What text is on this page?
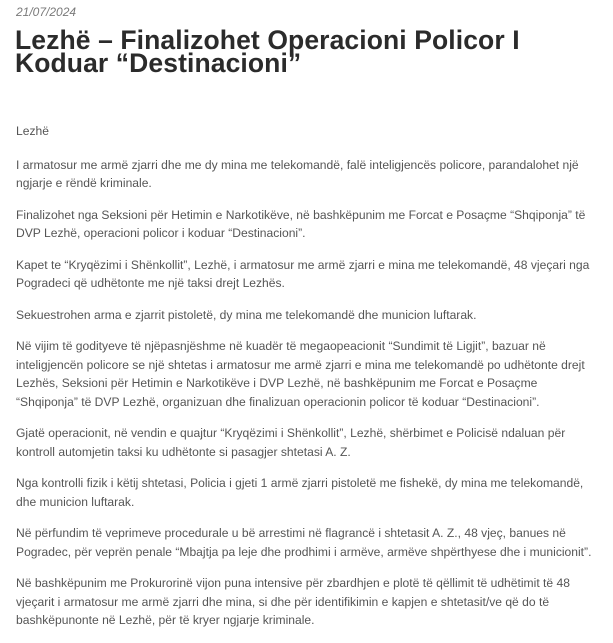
21/07/2024
Lezhë – Finalizohet Operacioni Policor I Koduar “Destinacioni”

Lezhë

I armatosur me armë zjarri dhe me dy mina me telekomandë, falë inteligjencës policore, parandalohet një ngjarje e rëndë kriminale.

Finalizohet nga Seksioni për Hetimin e Narkotikëve, në bashkëpunim me Forcat e Posaçme “Shqiponja” të DVP Lezhë, operacioni policor i koduar “Destinacioni”.

Kapet te “Kryqëzimi i Shënkollit”, Lezhë, i armatosur me armë zjarri e mina me telekomandë, 48 vjeçari nga Pogradeci që udhëtonte me një taksi drejt Lezhës.

Sekuestrohen arma e zjarrit pistoletë, dy mina me telekomandë dhe municion luftarak.

Në vijim të godityeve të njëpasnjëshme në kuadër të megaopeacionit “Sundimit të Ligjit”, bazuar në inteligjencën policore se një shtetas i armatosur me armë zjarri e mina me telekomandë po udhëtonte drejt Lezhës, Seksioni për Hetimin e Narkotikëve i DVP Lezhë, në bashkëpunim me Forcat e Posaçme “Shqiponja” të DVP Lezhë, organizuan dhe finalizuan operacionin policor të koduar “Destinacioni”.

Gjatë operacionit, në vendin e quajtur “Kryqëzimi i Shënkollit”, Lezhë, shërbimet e Policisë ndaluan për kontroll automjetin taksi ku udhëtonte si pasagjer shtetasi A. Z.

Nga kontrolli fizik i këtij shtetasi, Policia i gjeti 1 armë zjarri pistoletë me fishekë, dy mina me telekomandë, dhe municion luftarak.

Në përfundim të veprimeve procedurale u bë arrestimi në flagrancë i shtetasit A. Z., 48 vjeç, banues në Pogradec, për veprën penale “Mbajtja pa leje dhe prodhimi i armëve, armëve shpërthyese dhe i municionit”.

Në bashkëpunim me Prokurorinë vijon puna intensive për zbardhjen e plotë të qëllimit të udhëtimit të 48 vjeçarit i armatosur me armë zjarri dhe mina, si dhe për identifikimin e kapjen e shtetasit/ve që do të bashkëpunonte në Lezhë, për të kryer ngjarje kriminale.
